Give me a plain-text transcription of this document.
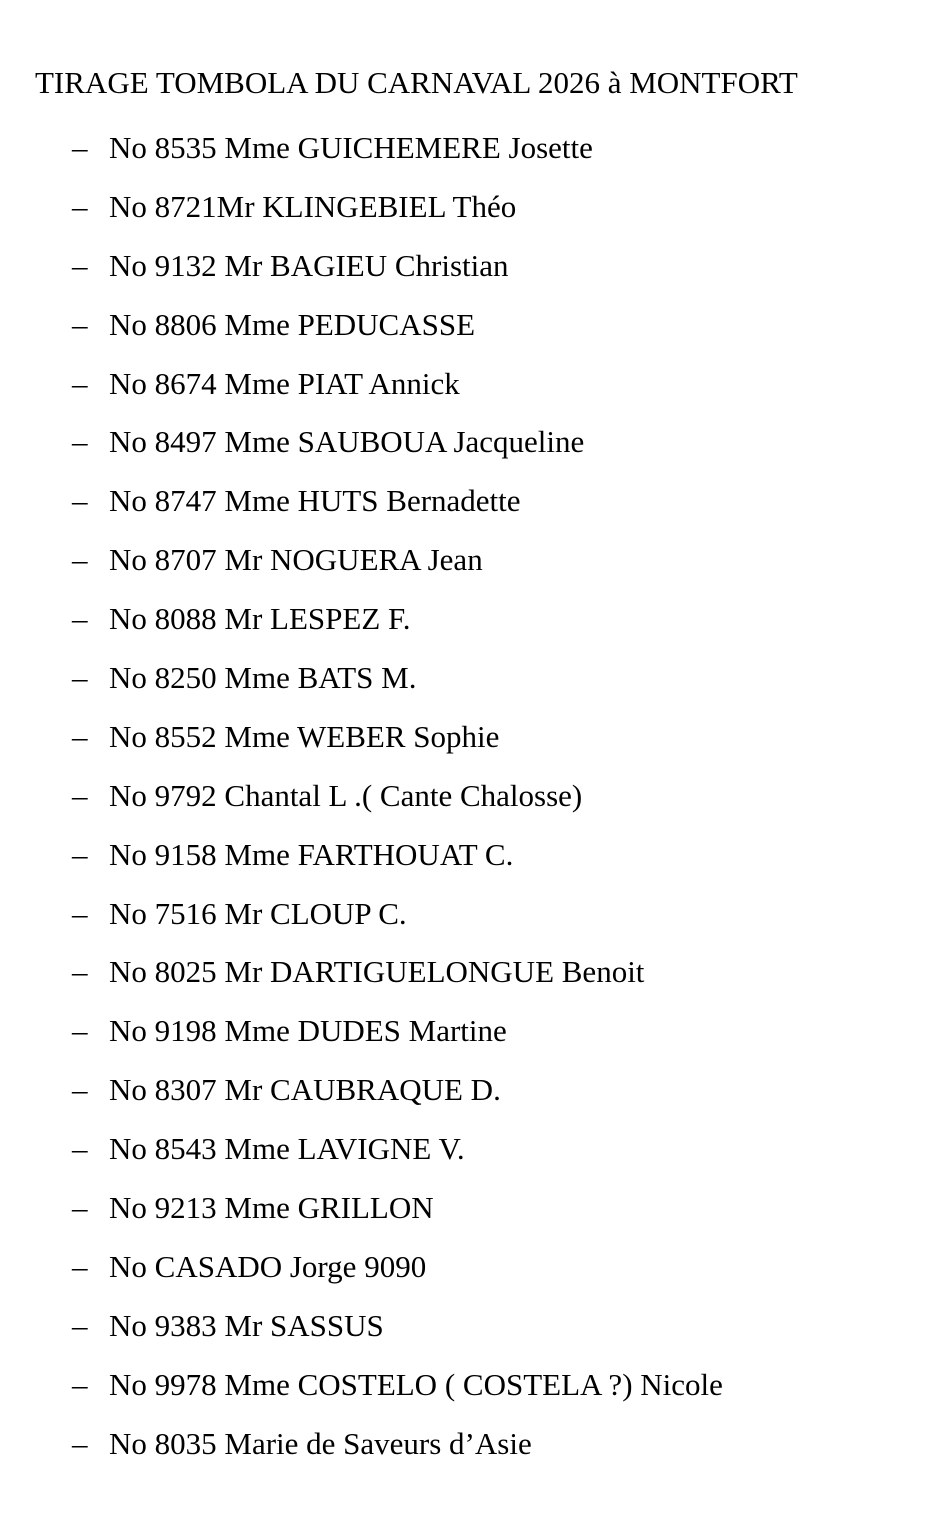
TIRAGE TOMBOLA DU CARNAVAL 2026 à MONTFORT
– No 8535 Mme GUICHEMERE Josette
– No 8721Mr KLINGEBIEL Théo
– No 9132 Mr BAGIEU Christian
– No 8806 Mme PEDUCASSE
– No 8674 Mme PIAT Annick
– No 8497 Mme SAUBOUA Jacqueline
– No 8747 Mme HUTS Bernadette
– No 8707 Mr NOGUERA Jean
– No 8088 Mr LESPEZ F.
– No 8250 Mme BATS M.
– No 8552 Mme WEBER Sophie
– No 9792 Chantal L .( Cante Chalosse)
– No 9158 Mme FARTHOUAT C.
– No 7516 Mr CLOUP C.
– No 8025 Mr DARTIGUELONGUE Benoit
– No 9198 Mme DUDES Martine
– No 8307 Mr CAUBRAQUE D.
– No 8543 Mme LAVIGNE V.
– No 9213 Mme GRILLON
– No CASADO Jorge 9090
– No 9383 Mr SASSUS
– No 9978 Mme COSTELO ( COSTELA ?) Nicole
– No 8035 Marie de Saveurs d’Asie
